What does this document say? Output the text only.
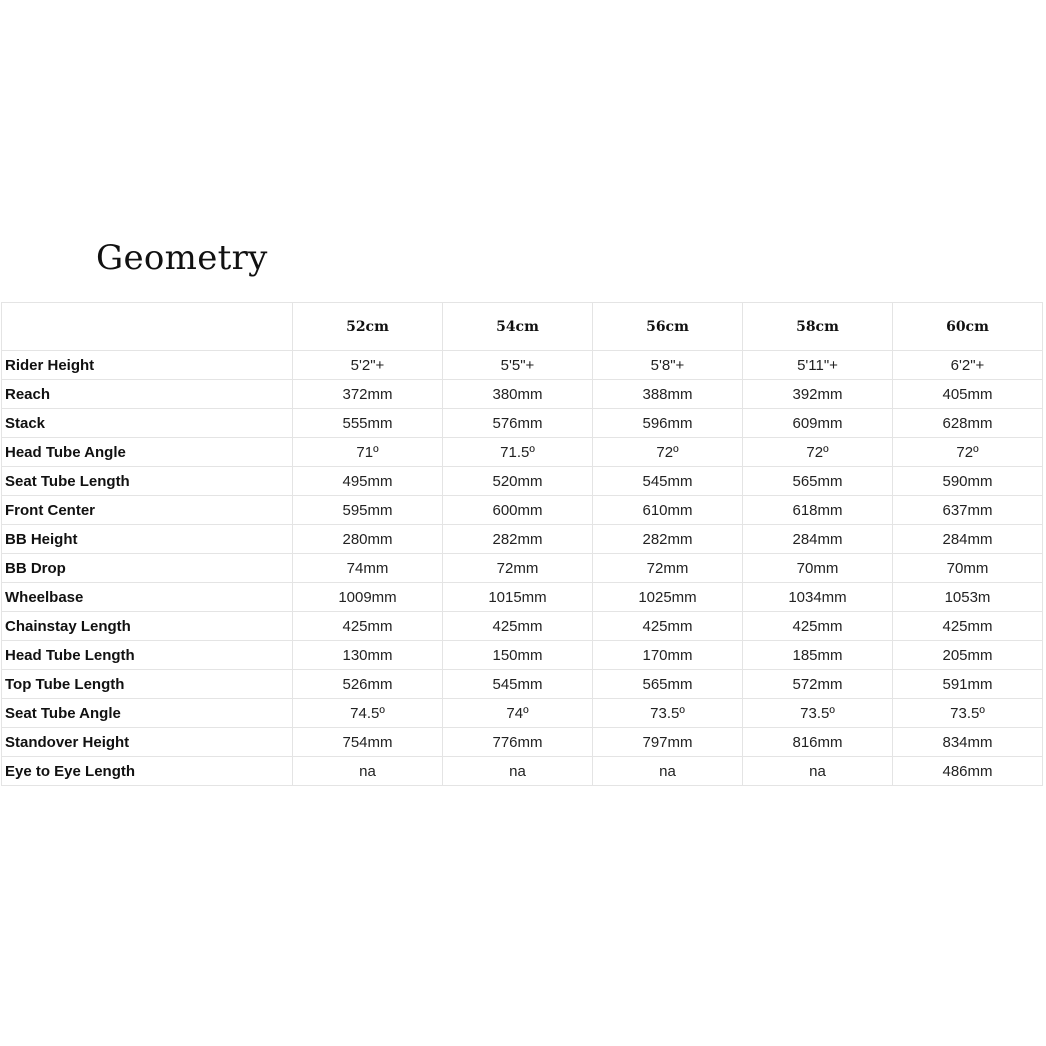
Geometry
	52cm	54cm	56cm	58cm	60cm
Rider Height	5'2"+	5'5"+	5'8"+	5'11"+	6'2"+
Reach	372mm	380mm	388mm	392mm	405mm
Stack	555mm	576mm	596mm	609mm	628mm
Head Tube Angle	71º	71.5º	72º	72º	72º
Seat Tube Length	495mm	520mm	545mm	565mm	590mm
Front Center	595mm	600mm	610mm	618mm	637mm
BB Height	280mm	282mm	282mm	284mm	284mm
BB Drop	74mm	72mm	72mm	70mm	70mm
Wheelbase	1009mm	1015mm	1025mm	1034mm	1053m
Chainstay Length	425mm	425mm	425mm	425mm	425mm
Head Tube Length	130mm	150mm	170mm	185mm	205mm
Top Tube Length	526mm	545mm	565mm	572mm	591mm
Seat Tube Angle	74.5º	74º	73.5º	73.5º	73.5º
Standover Height	754mm	776mm	797mm	816mm	834mm
Eye to Eye Length	na	na	na	na	486mm
